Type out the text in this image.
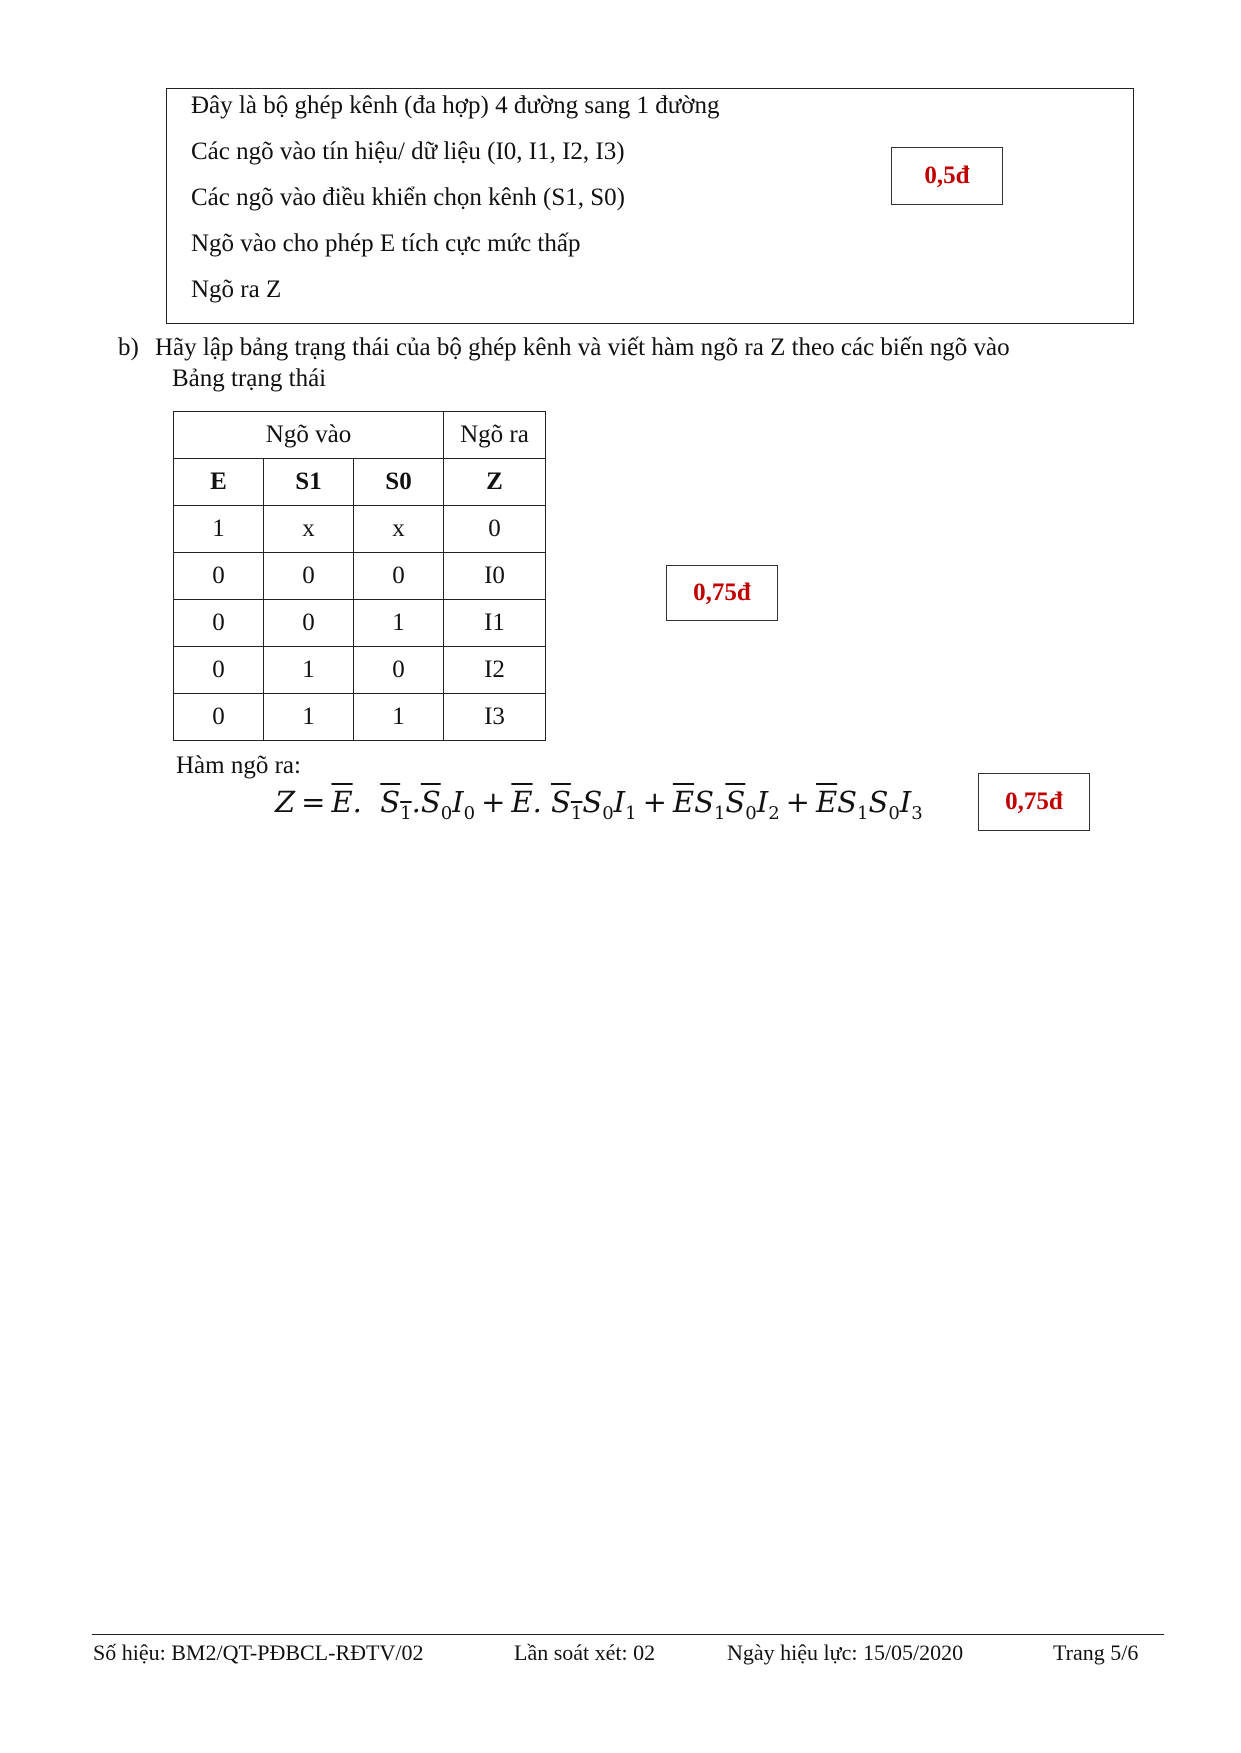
Đây là bộ ghép kênh (đa hợp) 4 đường sang 1 đường
Các ngõ vào tín hiệu/ dữ liệu (I0, I1, I2, I3)
Các ngõ vào điều khiển chọn kênh (S1, S0)
Ngõ vào cho phép E tích cực mức thấp
Ngõ ra Z
0,5đ
b) Hãy lập bảng trạng thái của bộ ghép kênh và viết hàm ngõ ra Z theo các biến ngõ vào
Bảng trạng thái
Ngõ vào			Ngõ ra
E	S1	S0	Z
1	x	x	0
0	0	0	I0
0	0	1	I1
0	1	0	I2
0	1	1	I3
0,75đ
Hàm ngõ ra:
$Z = \overline{E}$.  $S_1.\overline{S}_0I_0 + \overline{E}$. $S_1S_0I_1 + \overline{E}S_1\overline{S}_0I_2 + \overline{E}S_1S_0I_3$	0,75đ
Số hiệu: BM2/QT-PĐBCL-RĐTV/02	Lần soát xét: 02	Ngày hiệu lực: 15/05/2020	Trang 5/6
